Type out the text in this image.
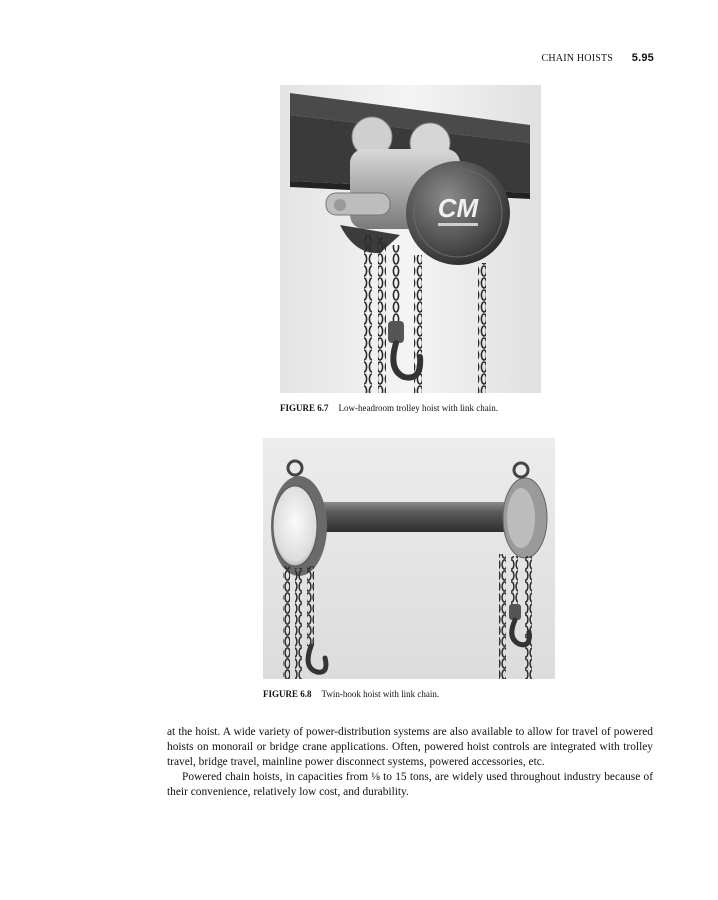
CHAIN HOISTS 5.95
CM
FIGURE 6.7 Low-headroom trolley hoist with link chain.
FIGURE 6.8 Twin-hook hoist with link chain.

at the hoist. A wide variety of power-distribution systems are also available to allow for travel of powered hoists on monorail or bridge crane applications. Often, powered hoist controls are integrated with trolley travel, bridge travel, mainline power disconnect systems, powered accessories, etc.

Powered chain hoists, in capacities from ⅛ to 15 tons, are widely used throughout industry because of their convenience, relatively low cost, and durability.
